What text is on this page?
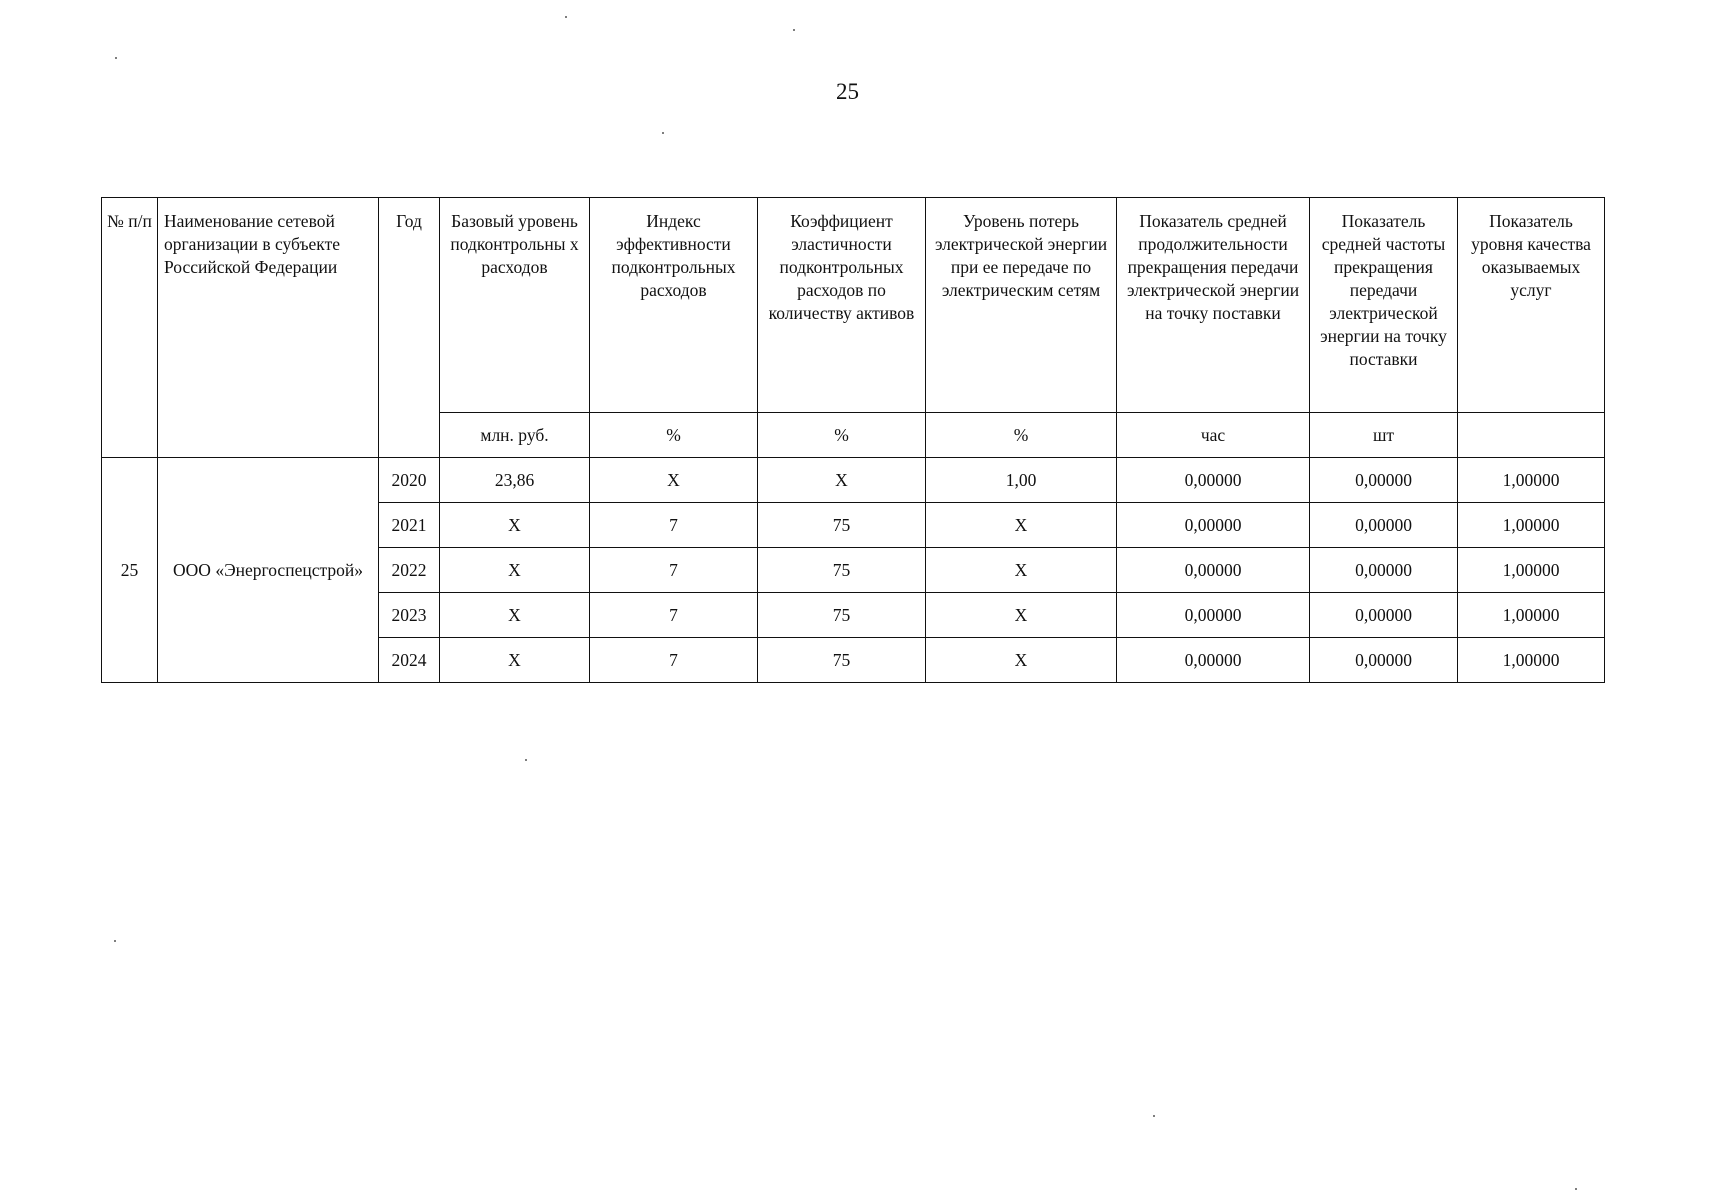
25
№ п/п	Наименование сетевой организации в субъекте Российской Федерации	Год	Базовый уровень подконтрольны х расходов	Индекс эффективности подконтрольных расходов	Коэффициент эластичности подконтрольных расходов по количеству активов	Уровень потерь электрической энергии при ее передаче по электрическим сетям	Показатель средней продолжительности прекращения передачи электрической энергии на точку поставки	Показатель средней частоты прекращения передачи электрической энергии на точку поставки	Показатель уровня качества оказываемых услуг
			млн. руб.	%	%	%	час	шт	
25	ООО «Энергоспецстрой»	2020	23,86	Х	Х	1,00	0,00000	0,00000	1,00000
		2021	Х	7	75	Х	0,00000	0,00000	1,00000
		2022	Х	7	75	Х	0,00000	0,00000	1,00000
		2023	Х	7	75	Х	0,00000	0,00000	1,00000
		2024	Х	7	75	Х	0,00000	0,00000	1,00000
